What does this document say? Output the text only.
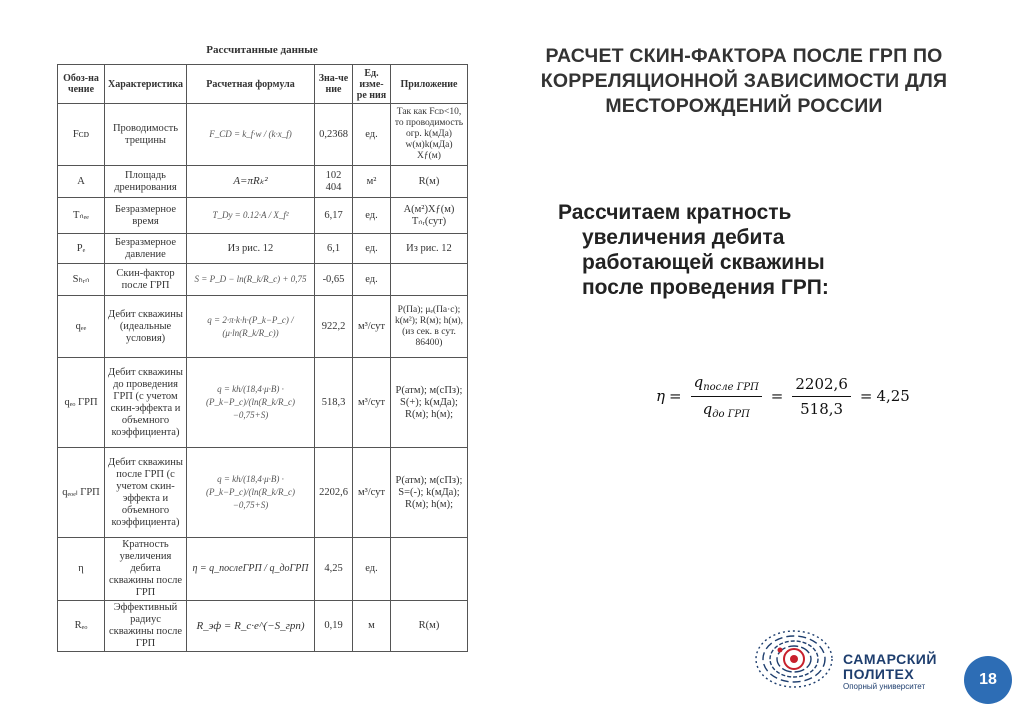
Рассчитанные данные
Обоз-на чение	Характеристика	Расчетная формула	Зна-че ние	Ед. изме-ре ния	Приложение
Fᴄᴅ	Проводимость трещины	F_CD = k_f·w / (k·x_f)	0,2368	ед.	Так как Fᴄᴅ<10, то проводимость огр. k(мДа) w(м)k(мДа) Xƒ(м)
A	Площадь дренирования	A=πRₖ²	102 404	м²	R(м)
Tₙₑₑ	Безразмерное время	T_Dy = 0.12·A / X_f²	6,17	ед.	А(м²)Xƒ(м) Tₙᵣ(сут)
Pₑ	Безразмерное давление	Из рис. 12	6,1	ед.	Из рис. 12
Sₕᵣₙ	Скин-фактор после ГРП	S = P_D − ln(R_k/R_c) + 0,75	-0,65	ед.	
qₑₑ	Дебит скважины (идеальные условия)	q = 2·π·k·h·(P_k−P_c) / (μ·ln(R_k/R_c))	922,2	м³/сут	P(Па); μₑ(Па·с); k(м²); R(м); h(м),(из сек. в сут. 86400)
qₑₒ ГРП	Дебит скважины до проведения ГРП (с учетом скин-эффекта и объемного коэффициента)	q = kh/(18,4·μ·B) · (P_k−P_c)/(ln(R_k/R_c)−0,75+S)	518,3	м³/сут	P(атм); м(сПз); S(+); k(мДа); R(м); h(м);
qₑₒₑₗ ГРП	Дебит скважины после ГРП (с учетом скин-эффекта и объемного коэффициента)	q = kh/(18,4·μ·B) · (P_k−P_c)/(ln(R_k/R_c)−0,75+S)	2202,6	м³/сут	P(атм); м(сПз); S=(-); k(мДа); R(м); h(м);
η	Кратность увеличения дебита скважины после ГРП	η = q_послеГРП / q_доГРП	4,25	ед.	
Rₑₒ	Эффективный радиус скважины после ГРП	R_эф = R_c·e^(−S_грп)	0,19	м	R(м)
РАСЧЕТ СКИН-ФАКТОРА ПОСЛЕ ГРП ПО
КОРРЕЛЯЦИОННОЙ ЗАВИСИМОСТИ ДЛЯ
МЕСТОРОЖДЕНИЙ РОССИИ
Рассчитаем кратность
увеличения дебита
работающей скважины
после проведения ГРП:
$\eta = \frac{q_{после ГРП}}{q_{до ГРП}} = \frac{2202,6}{518,3} = 4,25$
САМАРСКИЙ
ПОЛИТЕХ
Опорный университет	18
